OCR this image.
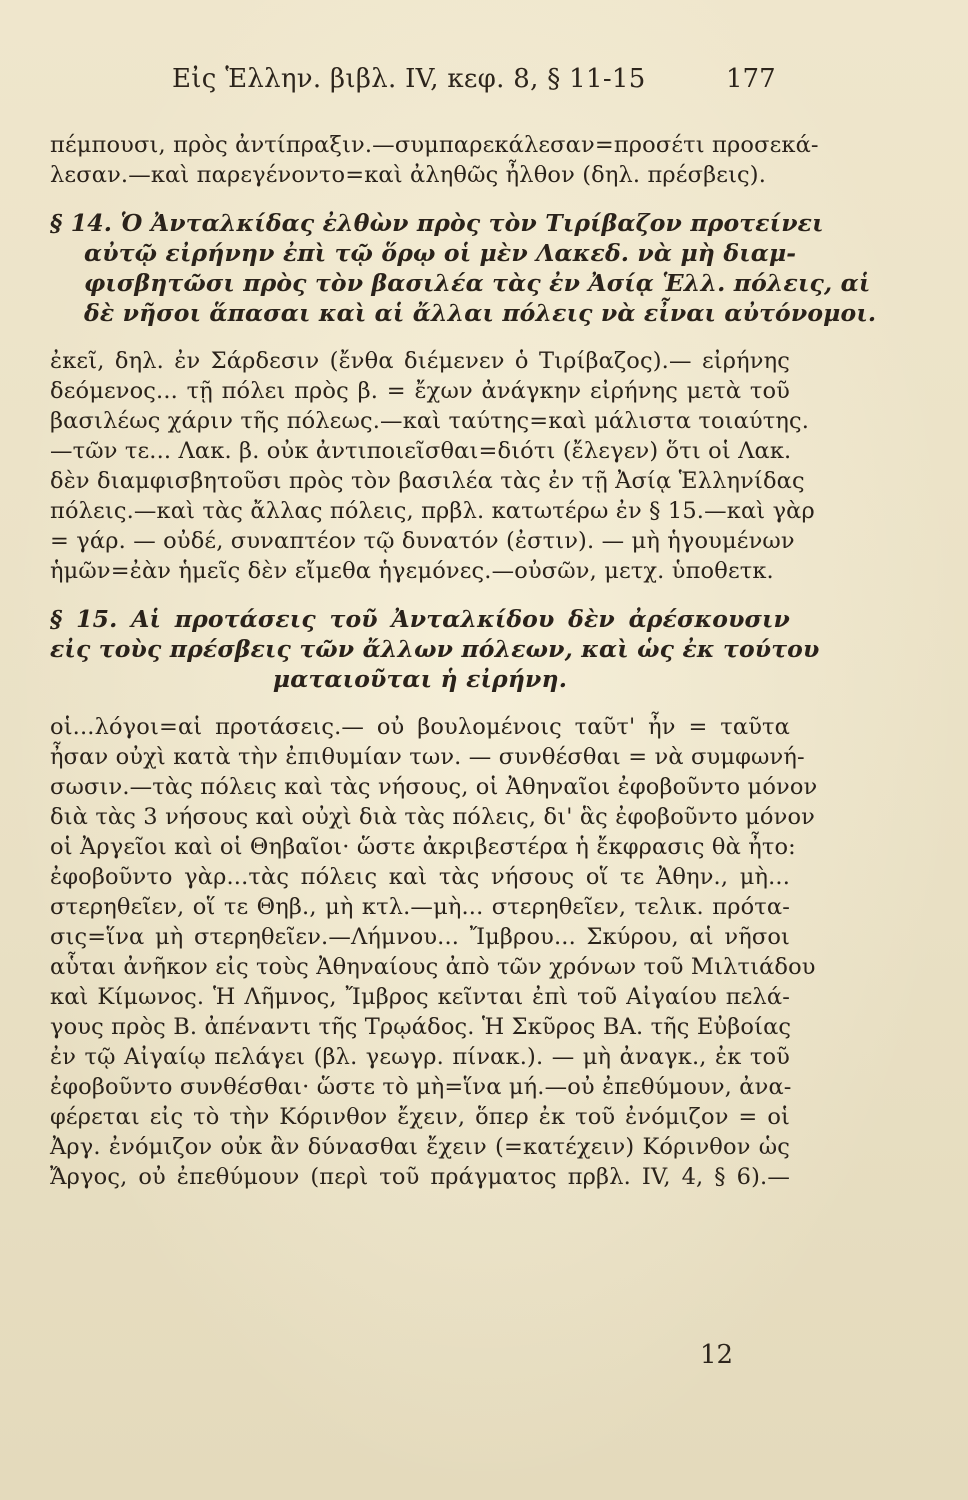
Εἰς Ἑλλην. βιβλ. IV, κεφ. 8, § 11-15	177
πέμπουσι, πρὸς ἀντίπραξιν.—συμπαρεκάλεσαν=προσέτι προσεκά-
λεσαν.—καὶ παρεγένοντο=καὶ ἀληθῶς ἦλθον (δηλ. πρέσβεις).
§ 14. Ὁ Ἀνταλκίδας ἐλθὼν πρὸς τὸν Τιρίβαζον προτείνει
αὐτῷ εἰρήνην ἐπὶ τῷ ὅρῳ οἱ μὲν Λακεδ. νὰ μὴ διαμ-
φισβητῶσι πρὸς τὸν βασιλέα τὰς ἐν Ἀσίᾳ Ἑλλ. πόλεις, αἱ
δὲ νῆσοι ἅπασαι καὶ αἱ ἄλλαι πόλεις νὰ εἶναι αὐτόνομοι.
ἐκεῖ, δηλ. ἐν Σάρδεσιν (ἔνθα διέμενεν ὁ Τιρίβαζος).— εἰρήνης
δεόμενος... τῇ πόλει πρὸς β. = ἔχων ἀνάγκην εἰρήνης μετὰ τοῦ
βασιλέως χάριν τῆς πόλεως.—καὶ ταύτης=καὶ μάλιστα τοιαύτης.
—τῶν τε... Λακ. β. οὐκ ἀντιποιεῖσθαι=διότι (ἔλεγεν) ὅτι οἱ Λακ.
δὲν διαμφισβητοῦσι πρὸς τὸν βασιλέα τὰς ἐν τῇ Ἀσίᾳ Ἑλληνίδας
πόλεις.—καὶ τὰς ἄλλας πόλεις, πρβλ. κατωτέρω ἐν § 15.—καὶ γὰρ
= γάρ. — οὐδέ, συναπτέον τῷ δυνατόν (ἐστιν). — μὴ ἡγουμένων
ἡμῶν=ἐὰν ἡμεῖς δὲν εἴμεθα ἡγεμόνες.—οὐσῶν, μετχ. ὑποθετκ.
§ 15. Αἱ προτάσεις τοῦ Ἀνταλκίδου δὲν ἀρέσκουσιν
εἰς τοὺς πρέσβεις τῶν ἄλλων πόλεων, καὶ ὡς ἐκ τούτου
ματαιοῦται ἡ εἰρήνη.
οἱ...λόγοι=αἱ προτάσεις.— οὐ βουλομένοις ταῦτ' ἦν = ταῦτα
ἦσαν οὐχὶ κατὰ τὴν ἐπιθυμίαν των. — συνθέσθαι = νὰ συμφωνή-
σωσιν.—τὰς πόλεις καὶ τὰς νήσους, οἱ Ἀθηναῖοι ἐφοβοῦντο μόνον
διὰ τὰς 3 νήσους καὶ οὐχὶ διὰ τὰς πόλεις, δι' ἃς ἐφοβοῦντο μόνον
οἱ Ἀργεῖοι καὶ οἱ Θηβαῖοι· ὥστε ἀκριβεστέρα ἡ ἔκφρασις θὰ ἦτο:
ἐφοβοῦντο γὰρ...τὰς πόλεις καὶ τὰς νήσους οἵ τε Ἀθην., μὴ...
στερηθεῖεν, οἵ τε Θηβ., μὴ κτλ.—μὴ... στερηθεῖεν, τελικ. πρότα-
σις=ἵνα μὴ στερηθεῖεν.—Λήμνου... Ἴμβρου... Σκύρου, αἱ νῆσοι
αὗται ἀνῆκον εἰς τοὺς Ἀθηναίους ἀπὸ τῶν χρόνων τοῦ Μιλτιάδου
καὶ Κίμωνος. Ἡ Λῆμνος, Ἴμβρος κεῖνται ἐπὶ τοῦ Αἰγαίου πελά-
γους πρὸς Β. ἀπέναντι τῆς Τρῳάδος. Ἡ Σκῦρος ΒΑ. τῆς Εὐβοίας
ἐν τῷ Αἰγαίῳ πελάγει (βλ. γεωγρ. πίνακ.). — μὴ ἀναγκ., ἐκ τοῦ
ἐφοβοῦντο συνθέσθαι· ὥστε τὸ μὴ=ἵνα μή.—οὐ ἐπεθύμουν, ἀνα-
φέρεται εἰς τὸ τὴν Κόρινθον ἔχειν, ὅπερ ἐκ τοῦ ἐνόμιζον = οἱ
Ἀργ. ἐνόμιζον οὐκ ἂν δύνασθαι ἔχειν (=κατέχειν) Κόρινθον ὡς
Ἄργος, οὐ ἐπεθύμουν (περὶ τοῦ πράγματος πρβλ. IV, 4, § 6).—
12
